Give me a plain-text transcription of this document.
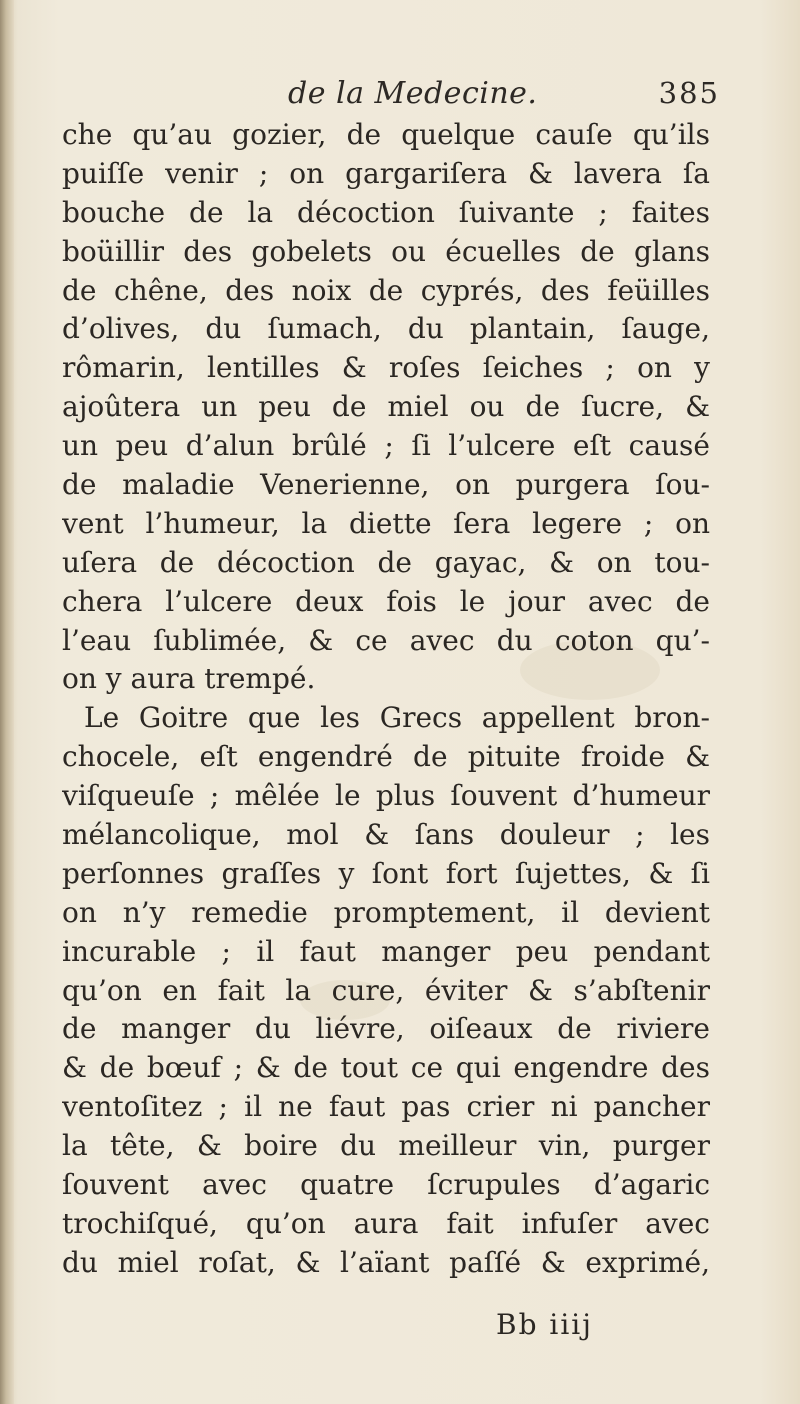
de la Medecine.	385
che qu’au gozier, de quelque cauſe qu’ils
puiſſe venir ; on gargariſera & lavera ſa
bouche de la décoction ſuivante ; faites
boüillir des gobelets ou écuelles de glans
de chêne, des noix de cyprés, des feüilles
d’olives, du ſumach, du plantain, ſauge,
rômarin, lentilles & roſes ſeiches ; on y
ajoûtera un peu de miel ou de ſucre, &
un peu d’alun brûlé ; ſi l’ulcere eſt causé
de maladie Venerienne, on purgera ſou-
vent l’humeur, la diette ſera legere ; on
uſera de décoction de gayac, & on tou-
chera l’ulcere deux fois le jour avec de
l’eau ſublimée, & ce avec du coton qu’-
on y aura trempé.
Le Goitre que les Grecs appellent bron-
chocele, eſt engendré de pituite froide &
viſqueuſe ; mêlée le plus ſouvent d’humeur
mélancolique, mol & ſans douleur ; les
perſonnes graſſes y ſont fort ſujettes, & ſi
on n’y remedie promptement, il devient
incurable ; il faut manger peu pendant
qu’on en fait la cure, éviter & s’abſtenir
de manger du liévre, oiſeaux de riviere
& de bœuf ; & de tout ce qui engendre des
ventoſitez ; il ne faut pas crier ni pancher
la tête, & boire du meilleur vin, purger
ſouvent avec quatre ſcrupules d’agaric
trochiſqué, qu’on aura fait infuſer avec
du miel roſat, & l’aïant paſſé & exprimé,
Bb iiij
